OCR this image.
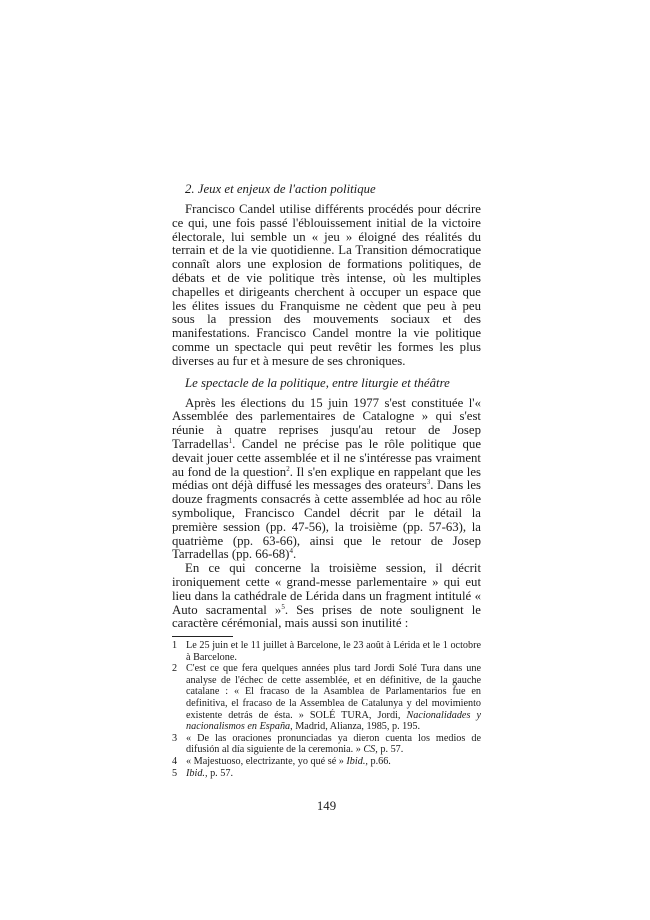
2. Jeux et enjeux de l'action politique

Francisco Candel utilise différents procédés pour décrire ce qui, une fois passé l'éblouissement initial de la victoire électorale, lui semble un « jeu » éloigné des réalités du terrain et de la vie quotidienne. La Transition démocratique connaît alors une explosion de formations politiques, de débats et de vie politique très intense, où les multiples chapelles et dirigeants cherchent à occuper un espace que les élites issues du Franquisme ne cèdent que peu à peu sous la pression des mouvements sociaux et des manifestations. Francisco Candel montre la vie politique comme un spectacle qui peut revêtir les formes les plus diverses au fur et à mesure de ses chroniques.

Le spectacle de la politique, entre liturgie et théâtre

Après les élections du 15 juin 1977 s'est constituée l'« Assemblée des parlementaires de Catalogne » qui s'est réunie à quatre reprises jusqu'au retour de Josep Tarradellas$^1$. Candel ne précise pas le rôle politique que devait jouer cette assemblée et il ne s'intéresse pas vraiment au fond de la question$^2$. Il s'en explique en rappelant que les médias ont déjà diffusé les messages des orateurs$^3$. Dans les douze fragments consacrés à cette assemblée ad hoc au rôle symbolique, Francisco Candel décrit par le détail la première session (pp. 47-56), la troisième (pp. 57-63), la quatrième (pp. 63-66), ainsi que le retour de Josep Tarradellas (pp. 66-68)$^4$.

En ce qui concerne la troisième session, il décrit ironiquement cette « grand-messe parlementaire » qui eut lieu dans la cathédrale de Lérida dans un fragment intitulé « Auto sacramental »$^5$. Ses prises de note soulignent le caractère cérémonial, mais aussi son inutilité :

1 Le 25 juin et le 11 juillet à Barcelone, le 23 août à Lérida et le 1 octobre à Barcelone.
2 C'est ce que fera quelques années plus tard Jordi Solé Tura dans une analyse de l'échec de cette assemblée, et en définitive, de la gauche catalane : « El fracaso de la Asamblea de Parlamentarios fue en definitiva, el fracaso de la Assemblea de Catalunya y del movimiento existente detrás de ésta. » SOLÉ TURA, Jordi, Nacionalidades y nacionalismos en España, Madrid, Alianza, 1985, p. 195.
3 « De las oraciones pronunciadas ya dieron cuenta los medios de difusión al día siguiente de la ceremonia. » CS, p. 57.
4 « Majestuoso, electrizante, yo qué sé » Ibid., p.66.
5 Ibid., p. 57.
149
